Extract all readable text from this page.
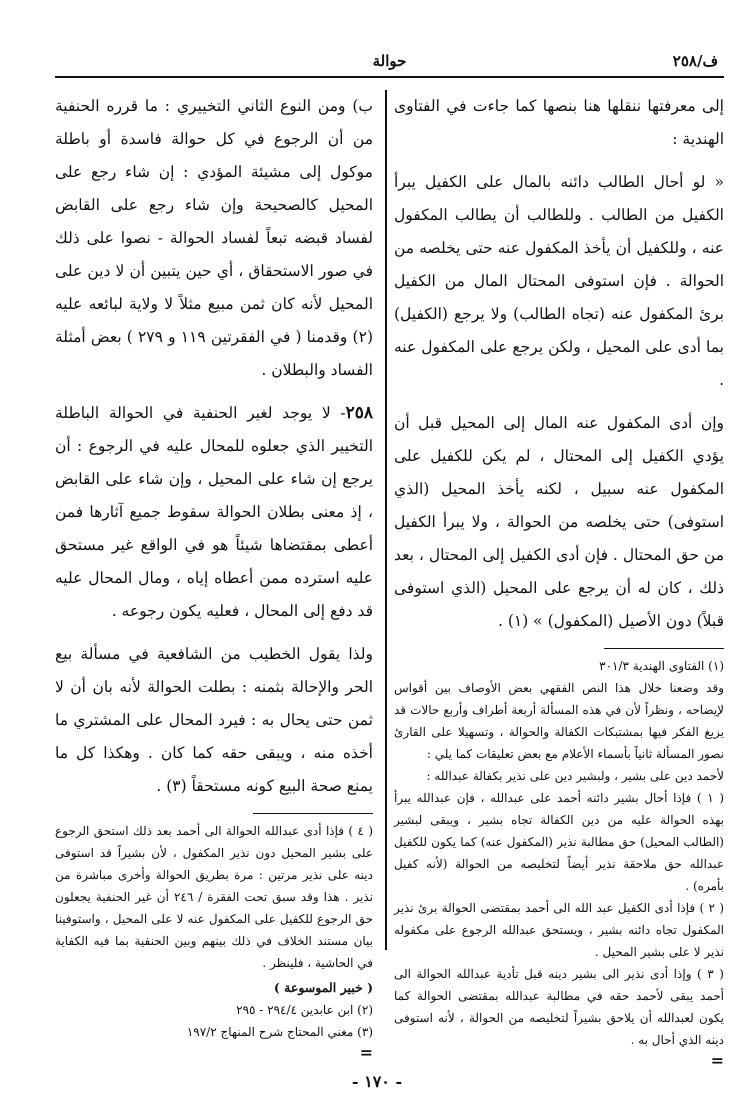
ف/٢٥٨
حوالة

إلى معرفتها ننقلها هنا بنصها كما جاءت في الفتاوى الهندية :

« لو أحال الطالب دائنه بالمال على الكفيل يبرأ الكفيل من الطالب . وللطالب أن يطالب المكفول عنه ، وللكفيل أن يأخذ المكفول عنه حتى يخلصه من الحوالة . فإن استوفى المحتال المال من الكفيل برئ المكفول عنه (تجاه الطالب) ولا يرجع (الكفيل) بما أدى على المحيل ، ولكن يرجع على المكفول عنه .

وإن أدى المكفول عنه المال إلى المحيل قبل أن يؤدي الكفيل إلى المحتال ، لم يكن للكفيل على المكفول عنه سبيل ، لكنه يأخذ المحيل (الذي استوفى) حتى يخلصه من الحوالة ، ولا يبرأ الكفيل من حق المحتال . فإن أدى الكفيل إلى المحتال ، بعد ذلك ، كان له أن يرجع على المحيل (الذي استوفى قبلاً) دون الأصيل (المكفول) » (١) .

(١) الفتاوى الهندية ٣٠١/٣

وقد وضعنا خلال هذا النص الفقهي بعض الأوصاف بين أقواس لإيضاحه ، ونظراً لأن في هذه المسألة أربعة أطراف وأربع حالات قد يزيغ الفكر فيها بمشتبكات الكفالة والحوالة ، وتسهيلا على القارئ نصور المسألة ثانياً بأسماء الأعلام مع بعض تعليقات كما يلي :

لأحمد دين على بشير ، ولبشير دين على نذير بكفالة عبدالله :

( ١ ) فإذا أحال بشير دائنه أحمد على عبدالله ، فإن عبدالله يبرأ بهذه الحوالة عليه من دين الكفالة تجاه بشير ، ويبقى لبشير (الطالب المحيل) حق مطالبة نذير (المكفول عنه) كما يكون للكفيل عبدالله حق ملاحقة نذير أيضاً لتخليصه من الحوالة (لأنه كفيل بأمره) .

( ٢ ) فإذا أدى الكفيل عبد الله الى أحمد بمقتضى الحوالة برئ نذير المكفول تجاه دائنه بشير ، ويستحق عبدالله الرجوع على مكفوله نذير لا على بشير المحيل .

( ٣ ) وإذا أدى نذير الى بشير دينه قبل تأدية عبدالله الحوالة الى أحمد يبقى لأحمد حقه في مطالبة عبدالله بمقتضى الحوالة كما يكون لعبدالله أن يلاحق بشيراً لتخليصه من الحوالة ، لأنه استوفى دينه الذي أحال به .

=

ب) ومن النوع الثاني التخييري : ما قرره الحنفية من أن الرجوع في كل حوالة فاسدة أو باطلة موكول إلى مشيئة المؤدي : إن شاء رجع على المحيل كالصحيحة وإن شاء رجع على القابض لفساد قبضه تبعاً لفساد الحوالة - نصوا على ذلك في صور الاستحقاق ، أي حين يتبين أن لا دين على المحيل لأنه كان ثمن مبيع مثلاً لا ولاية لبائعه عليه (٢) وقدمنا ( في الفقرتين ١١٩ و ٢٧٩ ) بعض أمثلة الفساد والبطلان .

٢٥٨- لا يوجد لغير الحنفية في الحوالة الباطلة التخيير الذي جعلوه للمحال عليه في الرجوع : أن يرجع إن شاء على المحيل ، وإن شاء على القابض ، إذ معنى بطلان الحوالة سقوط جميع آثارها فمن أعطى بمقتضاها شيئاً هو في الواقع غير مستحق عليه استرده ممن أعطاه إياه ، ومال المحال عليه قد دفع إلى المحال ، فعليه يكون رجوعه .

ولذا يقول الخطيب من الشافعية في مسألة بيع الحر والإحالة بثمنه : بطلت الحوالة لأنه بان أن لا ثمن حتى يحال به : فيرد المحال على المشتري ما أخذه منه ، ويبقى حقه كما كان . وهكذا كل ما يمنع صحة البيع كونه مستحقاً (٣) .

( ٤ ) فإذا أدى عبدالله الحوالة الى أحمد بعد ذلك استحق الرجوع على بشير المحيل دون نذير المكفول ، لأن بشيراً قد استوفى دينه على نذير مرتين : مرة بطريق الحوالة وأخرى مباشرة من نذير . هذا وقد سبق تحت الفقرة / ٢٤٦ أن غير الحنفية يجعلون حق الرجوع للكفيل على المكفول عنه لا على المحيل ، واستوفينا بيان مستند الخلاف في ذلك بينهم وبين الحنفية بما فيه الكفاية في الحاشية ، فلينظر .

( خبير الموسوعة )

(٢) ابن عابدين ٢٩٤/٤ - ٢٩٥

(٣) مغني المحتاج شرح المنهاج ١٩٧/٢

=
- ١٧٠ -
